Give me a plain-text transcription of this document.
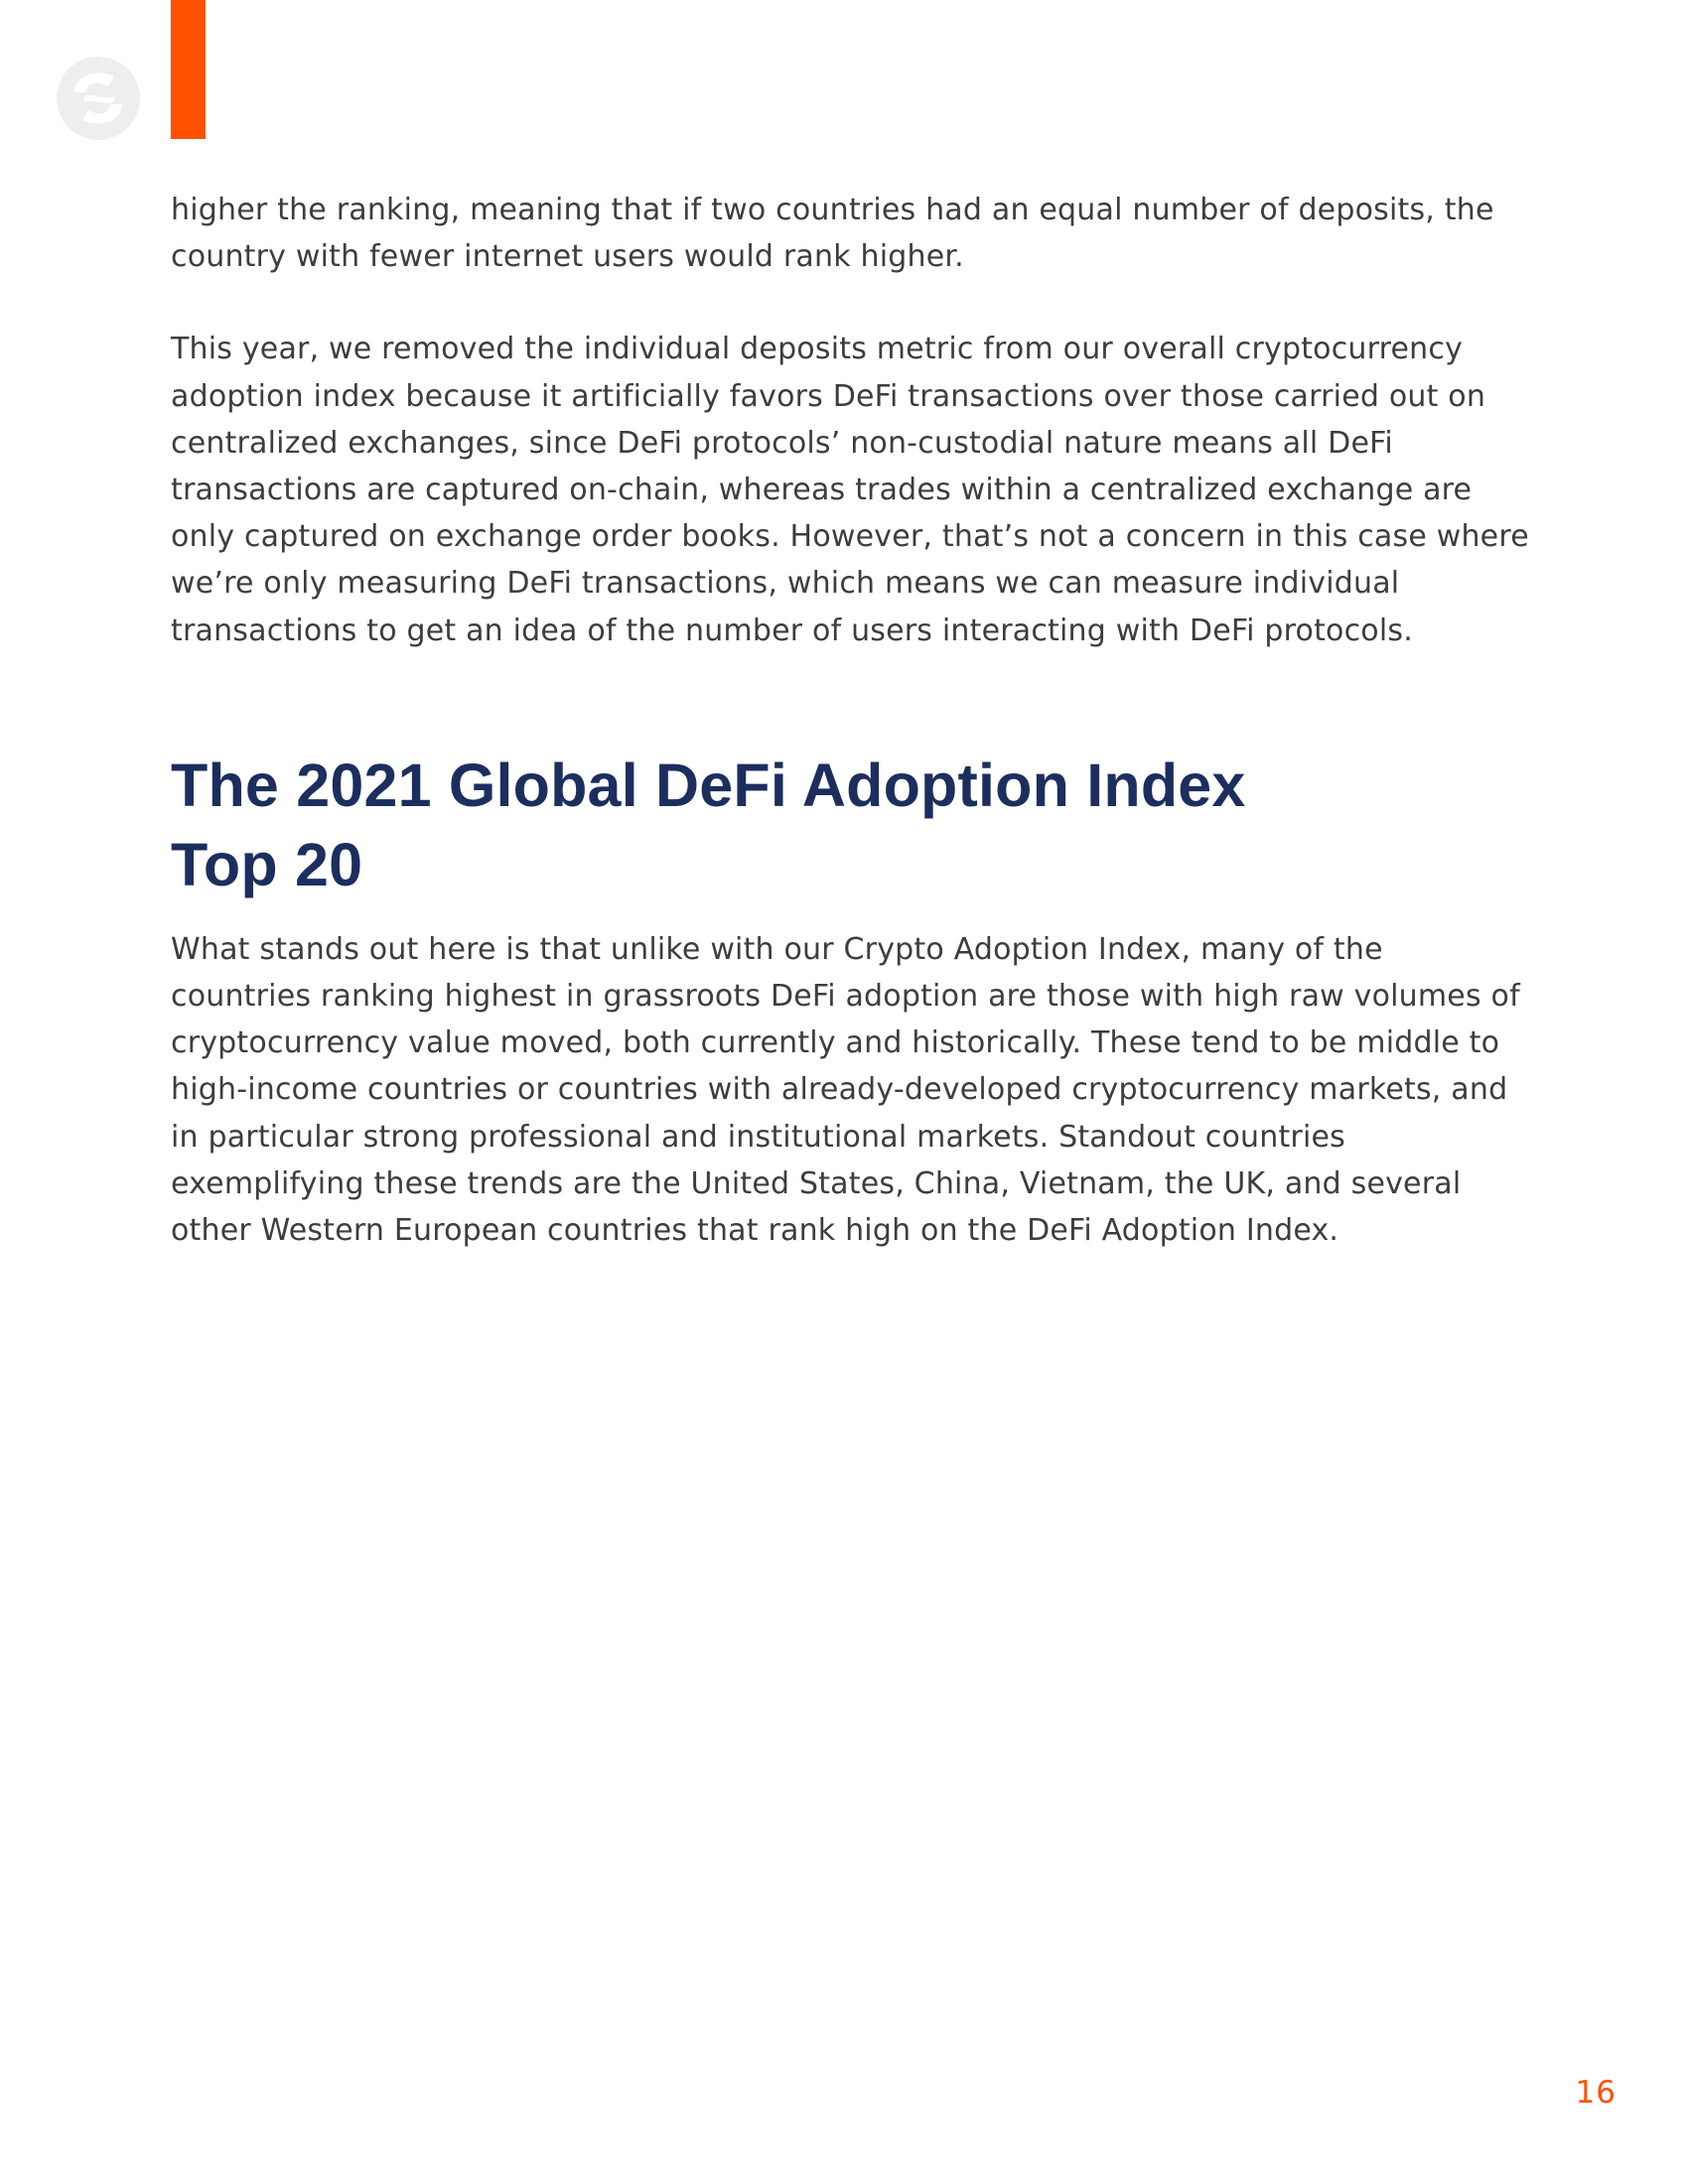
higher the ranking, meaning that if two countries had an equal number of deposits, the country with fewer internet users would rank higher.

This year, we removed the individual deposits metric from our overall cryptocurrency adoption index because it artificially favors DeFi transactions over those carried out on centralized exchanges, since DeFi protocols’ non-custodial nature means all DeFi transactions are captured on-chain, whereas trades within a centralized exchange are only captured on exchange order books. However, that’s not a concern in this case where we’re only measuring DeFi transactions, which means we can measure individual transactions to get an idea of the number of users interacting with DeFi protocols.

The 2021 Global DeFi Adoption Index
Top 20

What stands out here is that unlike with our Crypto Adoption Index, many of the countries ranking highest in grassroots DeFi adoption are those with high raw volumes of cryptocurrency value moved, both currently and historically. These tend to be middle to high-income countries or countries with already-developed cryptocurrency markets, and in particular strong professional and institutional markets. Standout countries exemplifying these trends are the United States, China, Vietnam, the UK, and several other Western European countries that rank high on the DeFi Adoption Index.

16
